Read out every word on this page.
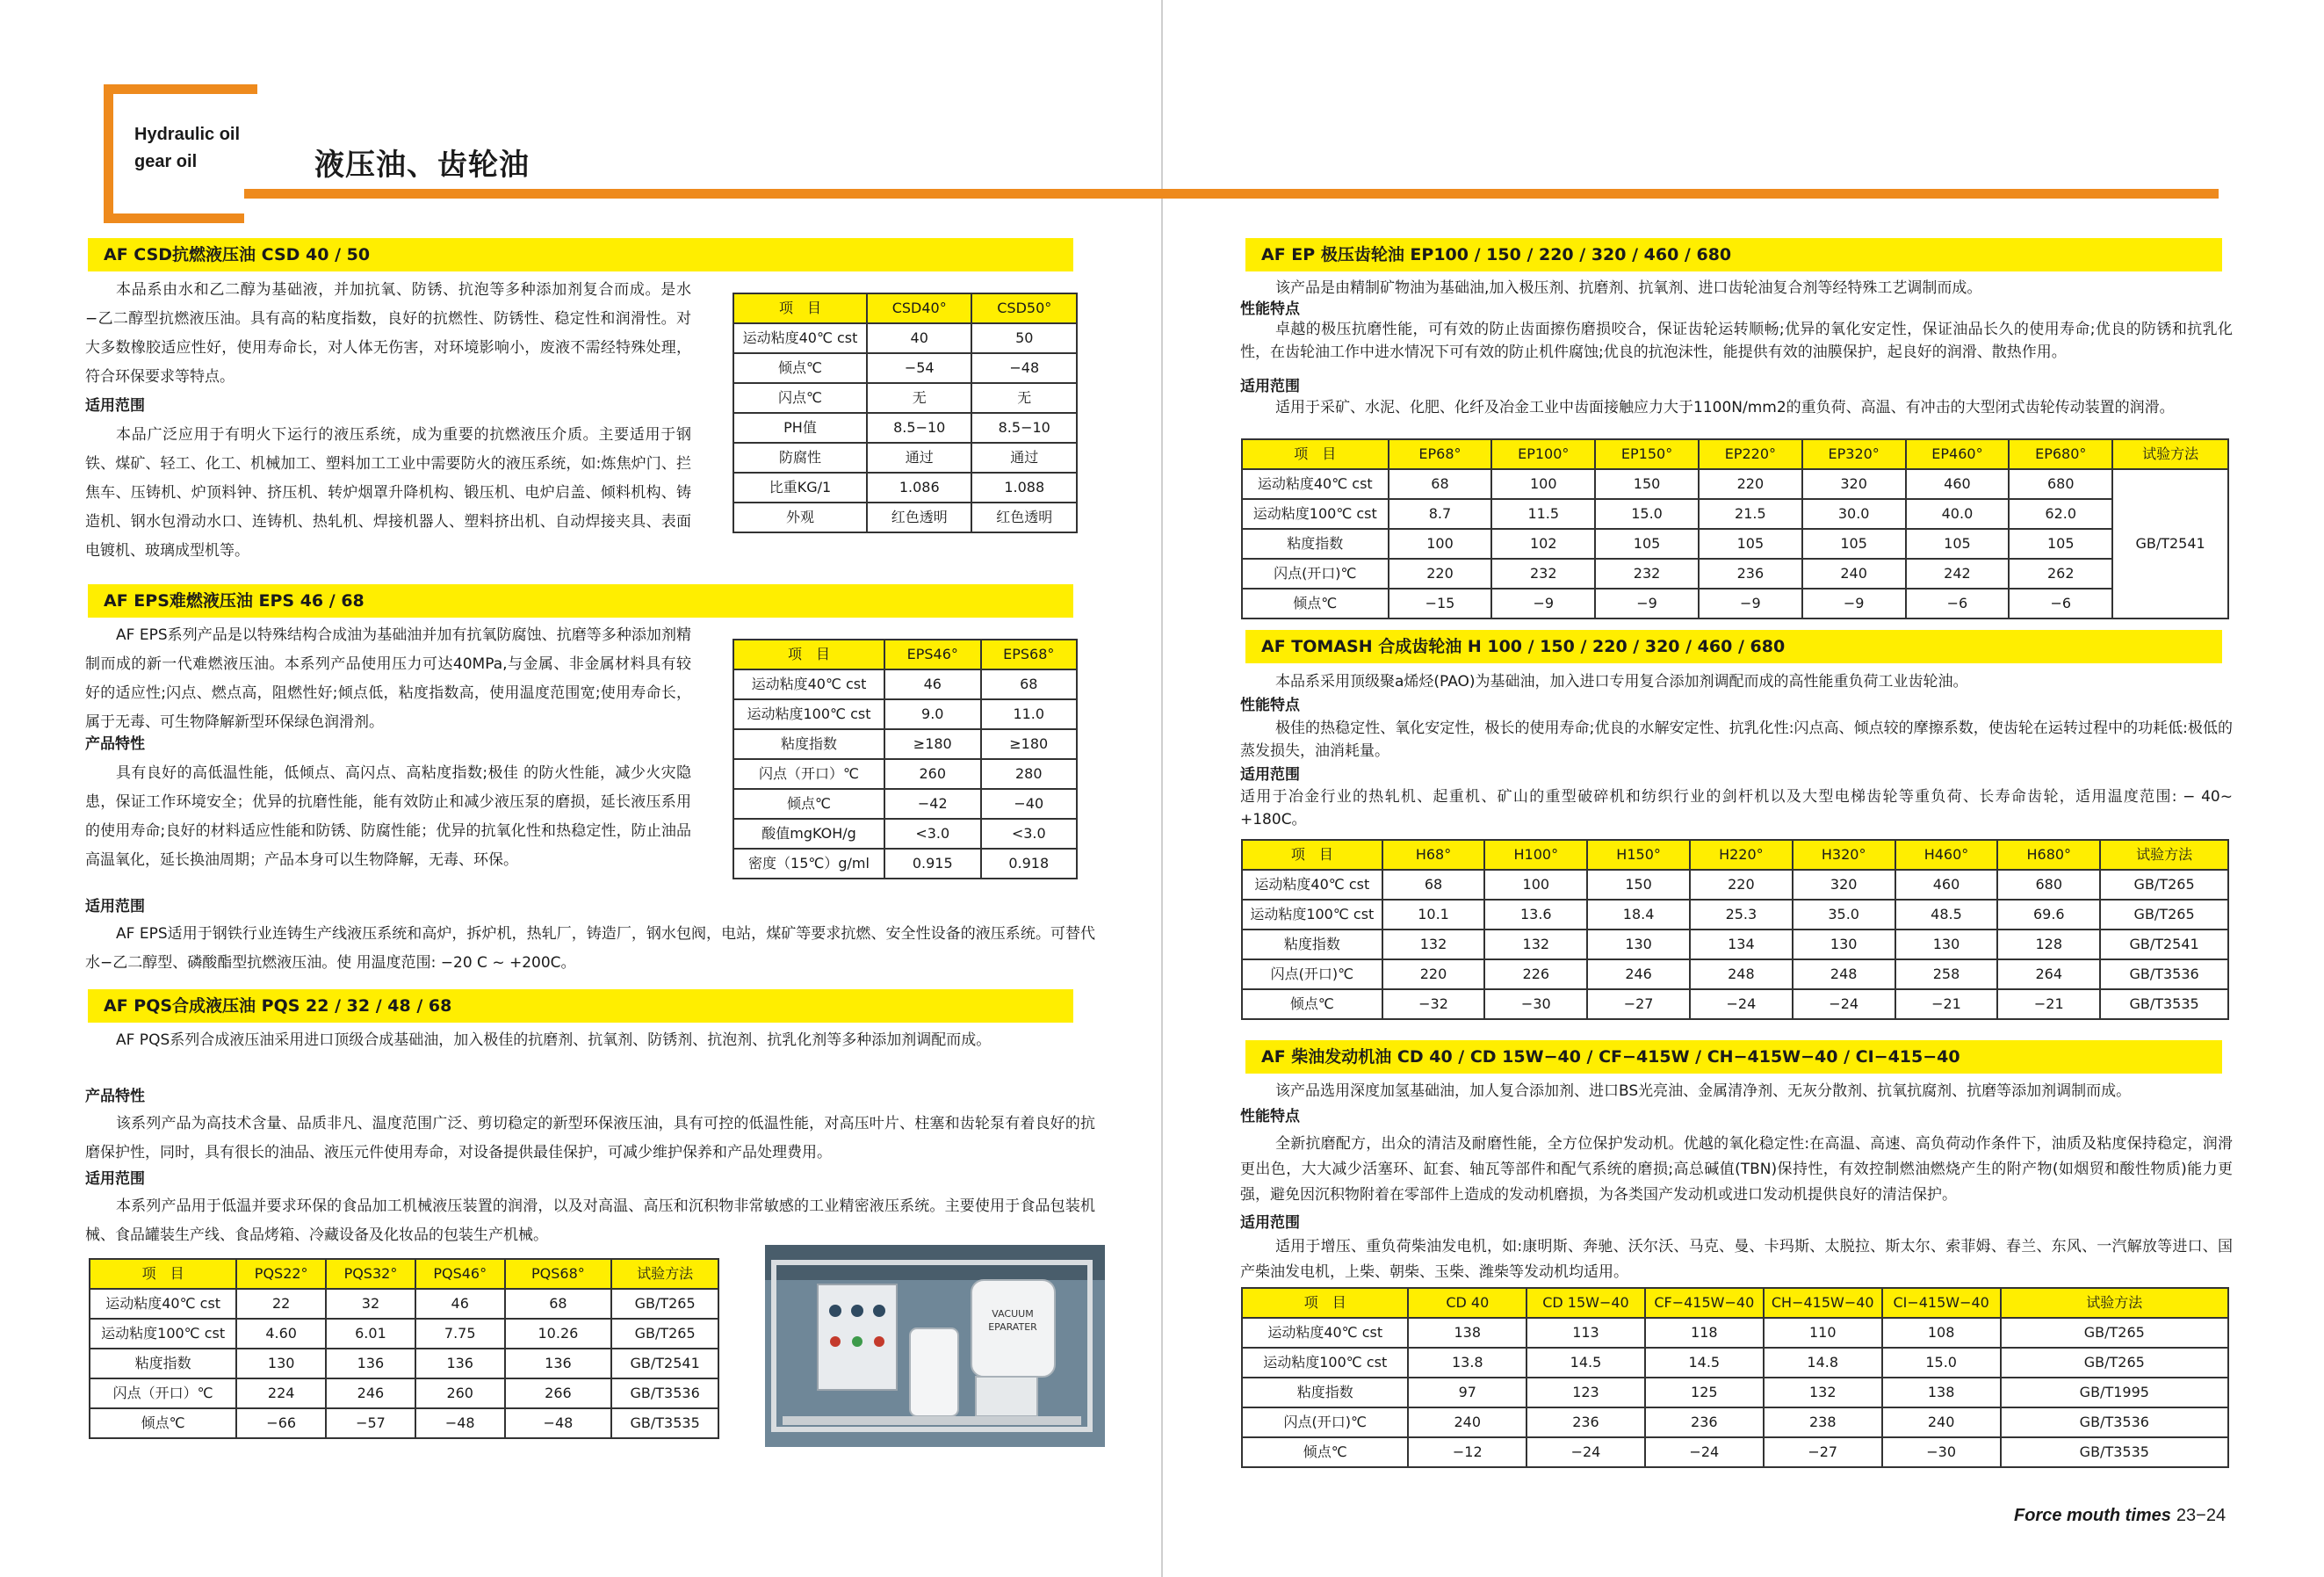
Hydraulic oil
gear oil	液压油、齿轮油
AF CSD抗燃液压油 CSD 40 / 50
本品系由水和乙二醇为基础液，并加抗氧、防锈、抗泡等多种添加剂复合而成。是水−乙二醇型抗燃液压油。具有高的粘度指数，良好的抗燃性、防锈性、稳定性和润滑性。对大多数橡胶适应性好，使用寿命长，对人体无伤害，对环境影响小，废液不需经特殊处理，符合环保要求等特点。
适用范围
本品广泛应用于有明火下运行的液压系统，成为重要的抗燃液压介质。主要适用于钢铁、煤矿、轻工、化工、机械加工、塑料加工工业中需要防火的液压系统，如:炼焦炉门、拦焦车、压铸机、炉顶料钟、挤压机、转炉烟罩升降机构、锻压机、电炉启盖、倾料机构、铸造机、钢水包滑动水口、连铸机、热轧机、焊接机器人、塑料挤出机、自动焊接夹具、表面电镀机、玻璃成型机等。
项　目	CSD40°	CSD50°
运动粘度40℃ cst	40	50
倾点℃	−54	−48
闪点℃	无	无
PH值	8.5−10	8.5−10
防腐性	通过	通过
比重KG/1	1.086	1.088
外观	红色透明	红色透明
AF EPS难燃液压油 EPS 46 / 68
AF EPS系列产品是以特殊结构合成油为基础油并加有抗氧防腐蚀、抗磨等多种添加剂精制而成的新一代难燃液压油。本系列产品使用压力可达40MPa,与金属、非金属材料具有较好的适应性;闪点、燃点高，阻燃性好;倾点低，粘度指数高，使用温度范围宽;使用寿命长，属于无毒、可生物降解新型环保绿色润滑剂。
产品特性
具有良好的高低温性能，低倾点、高闪点、高粘度指数;极佳 的防火性能，减少火灾隐患，保证工作环境安全；优异的抗磨性能，能有效防止和减少液压泵的磨损，延长液压系用的使用寿命;良好的材料适应性能和防锈、防腐性能；优异的抗氧化性和热稳定性，防止油品高温氧化，延长换油周期；产品本身可以生物降解，无毒、环保。
适用范围
AF EPS适用于钢铁行业连铸生产线液压系统和高炉，拆炉机，热轧厂，铸造厂，钢水包阀，电站，煤矿等要求抗燃、安全性设备的液压系统。可替代水−乙二醇型、磷酸酯型抗燃液压油。使 用温度范围: −20 C ~ +200C。
项　目	EPS46°	EPS68°
运动粘度40℃ cst	46	68
运动粘度100℃ cst	9.0	11.0
粘度指数	≥180	≥180
闪点（开口）℃	260	280
倾点℃	−42	−40
酸值mgKOH/g	<3.0	<3.0
密度（15℃）g/ml	0.915	0.918
AF PQS合成液压油 PQS 22 / 32 / 48 / 68
AF PQS系列合成液压油采用进口顶级合成基础油，加入极佳的抗磨剂、抗氧剂、防锈剂、抗泡剂、抗乳化剂等多种添加剂调配而成。
产品特性
该系列产品为高技术含量、品质非凡、温度范围广泛、剪切稳定的新型环保液压油，具有可控的低温性能，对高压叶片、柱塞和齿轮泵有着良好的抗磨保护性，同时，具有很长的油品、液压元件使用寿命，对设备提供最佳保护，可减少维护保养和产品处理费用。
适用范围
本系列产品用于低温并要求环保的食品加工机械液压装置的润滑，以及对高温、高压和沉积物非常敏感的工业精密液压系统。主要使用于食品包装机械、食品罐装生产线、食品烤箱、冷藏设备及化妆品的包装生产机械。
项　目	PQS22°	PQS32°	PQS46°	PQS68°	试验方法
运动粘度40℃ cst	22	32	46	68	GB/T265
运动粘度100℃ cst	4.60	6.01	7.75	10.26	GB/T265
粘度指数	130	136	136	136	GB/T2541
闪点（开口）℃	224	246	260	266	GB/T3536
倾点℃	−66	−57	−48	−48	GB/T3535
VACUUM
EPARATER
AF EP 极压齿轮油 EP100 / 150 / 220 / 320 / 460 / 680
该产品是由精制矿物油为基础油,加入极压剂、抗磨剂、抗氧剂、进口齿轮油复合剂等经特殊工艺调制而成。
性能特点
卓越的极压抗磨性能，可有效的防止齿面擦伤磨损咬合，保证齿轮运转顺畅;优异的氧化安定性，保证油品长久的使用寿命;优良的防锈和抗乳化性，在齿轮油工作中进水情况下可有效的防止机件腐蚀;优良的抗泡沫性，能提供有效的油膜保护，起良好的润滑、散热作用。
适用范围
适用于采矿、水泥、化肥、化纤及冶金工业中齿面接触应力大于1100N/mm2的重负荷、高温、有冲击的大型闭式齿轮传动装置的润滑。
项　目	EP68°	EP100°	EP150°	EP220°	EP320°	EP460°	EP680°	试验方法
运动粘度40℃ cst	68	100	150	220	320	460	680	GB/T2541
运动粘度100℃ cst	8.7	11.5	15.0	21.5	30.0	40.0	62.0	
粘度指数	100	102	105	105	105	105	105	
闪点(开口)℃	220	232	232	236	240	242	262	
倾点℃	−15	−9	−9	−9	−9	−6	−6	
AF TOMASH 合成齿轮油 H 100 / 150 / 220 / 320 / 460 / 680
本品系采用顶级聚a烯烃(PAO)为基础油，加入进口专用复合添加剂调配而成的高性能重负荷工业齿轮油。
性能特点
极佳的热稳定性、氧化安定性，极长的使用寿命;优良的水解安定性、抗乳化性:闪点高、倾点较的摩擦系数，使齿轮在运转过程中的功耗低:极低的蒸发损失，油消耗量。
适用范围
适用于冶金行业的热轧机、起重机、矿山的重型破碎机和纺织行业的剑杆机以及大型电梯齿轮等重负荷、长寿命齿轮，适用温度范围: − 40~ +180C。
项　目	H68°	H100°	H150°	H220°	H320°	H460°	H680°	试验方法
运动粘度40℃ cst	68	100	150	220	320	460	680	GB/T265
运动粘度100℃ cst	10.1	13.6	18.4	25.3	35.0	48.5	69.6	GB/T265
粘度指数	132	132	130	134	130	130	128	GB/T2541
闪点(开口)℃	220	226	246	248	248	258	264	GB/T3536
倾点℃	−32	−30	−27	−24	−24	−21	−21	GB/T3535
AF 柴油发动机油 CD 40 / CD 15W−40 / CF−415W / CH−415W−40 / CI−415−40
该产品选用深度加氢基础油，加人复合添加剂、进口BS光亮油、金属清净剂、无灰分散剂、抗氧抗腐剂、抗磨等添加剂调制而成。
性能特点
全新抗磨配方，出众的清洁及耐磨性能，全方位保护发动机。优越的氧化稳定性:在高温、高速、高负荷动作条件下，油质及粘度保持稳定，润滑更出色，大大减少活塞环、缸套、轴瓦等部件和配气系统的磨损;高总碱值(TBN)保持性，有效控制燃油燃烧产生的附产物(如烟贸和酸性物质)能力更强，避免因沉积物附着在零部件上造成的发动机磨损，为各类国产发动机或进口发动机提供良好的清洁保护。
适用范围
适用于增压、重负荷柴油发电机，如:康明斯、奔驰、沃尔沃、马克、曼、卡玛斯、太脱拉、斯太尔、索菲姆、春兰、东风、一汽解放等进口、国产柴油发电机，上柴、朝柴、玉柴、潍柴等发动机均适用。
项　目	CD 40	CD 15W−40	CF−415W−40	CH−415W−40	CI−415W−40	试验方法
运动粘度40℃ cst	138	113	118	110	108	GB/T265
运动粘度100℃ cst	13.8	14.5	14.5	14.8	15.0	GB/T265
粘度指数	97	123	125	132	138	GB/T1995
闪点(开口)℃	240	236	236	238	240	GB/T3536
倾点℃	−12	−24	−24	−27	−30	GB/T3535
Force mouth times 23−24
